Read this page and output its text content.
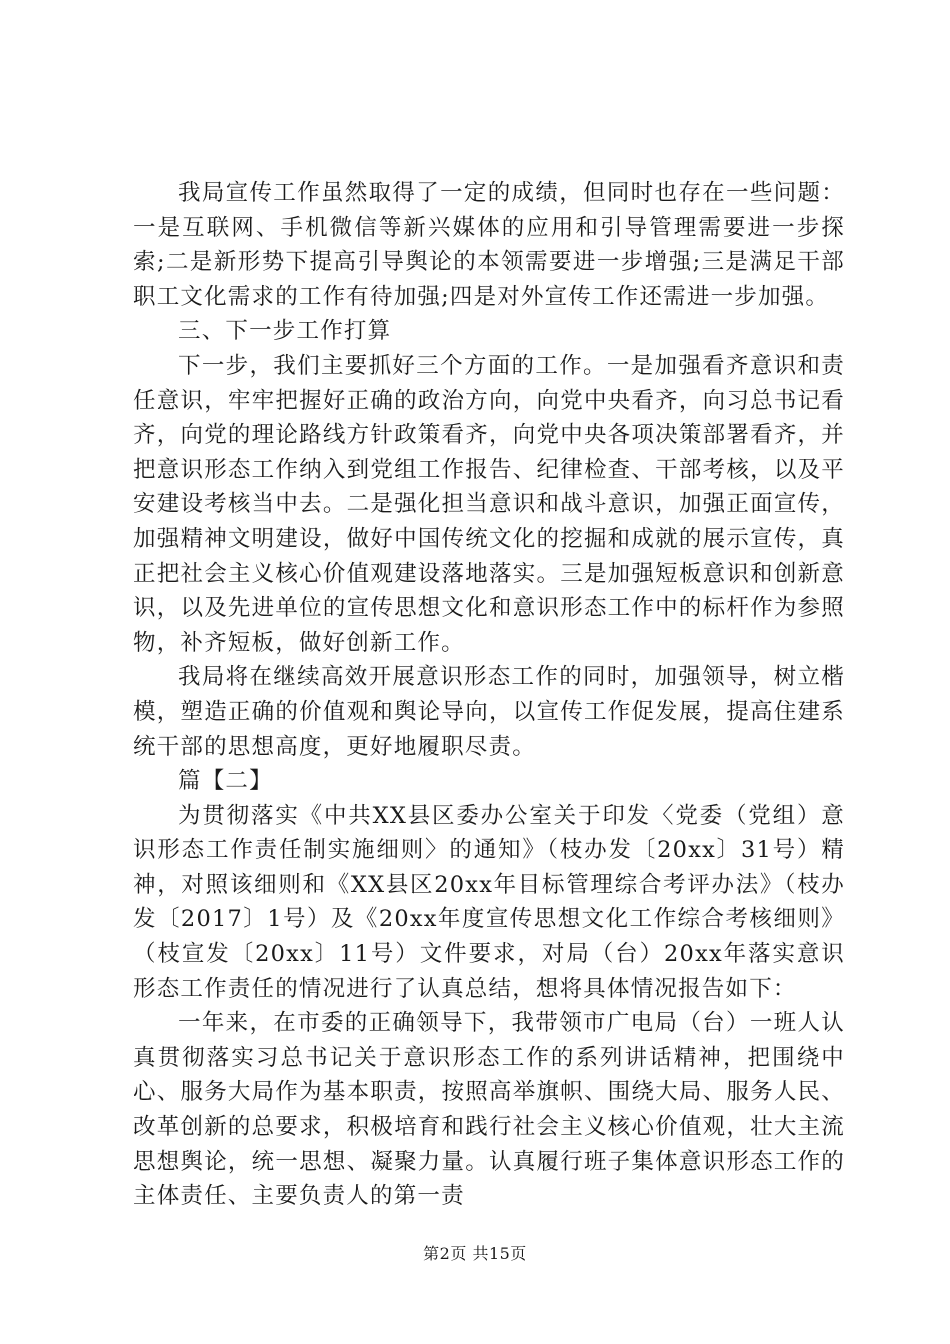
我局宣传工作虽然取得了一定的成绩，但同时也存在一些问题：一是互联网、手机微信等新兴媒体的应用和引导管理需要进一步探索;二是新形势下提高引导舆论的本领需要进一步增强;三是满足干部职工文化需求的工作有待加强;四是对外宣传工作还需进一步加强。

三、下一步工作打算

下一步，我们主要抓好三个方面的工作。一是加强看齐意识和责任意识，牢牢把握好正确的政治方向，向党中央看齐，向习总书记看齐，向党的理论路线方针政策看齐，向党中央各项决策部署看齐，并把意识形态工作纳入到党组工作报告、纪律检查、干部考核，以及平安建设考核当中去。二是强化担当意识和战斗意识，加强正面宣传，加强精神文明建设，做好中国传统文化的挖掘和成就的展示宣传，真正把社会主义核心价值观建设落地落实。三是加强短板意识和创新意识，以及先进单位的宣传思想文化和意识形态工作中的标杆作为参照物，补齐短板，做好创新工作。

我局将在继续高效开展意识形态工作的同时，加强领导，树立楷模，塑造正确的价值观和舆论导向，以宣传工作促发展，提高住建系统干部的思想高度，更好地履职尽责。

篇【二】

为贯彻落实《中共XX县区委办公室关于印发〈党委（党组）意识形态工作责任制实施细则〉的通知》（枝办发〔20xx〕31号）精神，对照该细则和《XX县区20xx年目标管理综合考评办法》（枝办发〔2017〕1号）及《20xx年度宣传思想文化工作综合考核细则》（枝宣发〔20xx〕11号）文件要求，对局（台）20xx年落实意识形态工作责任的情况进行了认真总结，想将具体情况报告如下：

一年来，在市委的正确领导下，我带领市广电局（台）一班人认真贯彻落实习总书记关于意识形态工作的系列讲话精神，把围绕中心、服务大局作为基本职责，按照高举旗帜、围绕大局、服务人民、改革创新的总要求，积极培育和践行社会主义核心价值观，壮大主流思想舆论，统一思想、凝聚力量。认真履行班子集体意识形态工作的主体责任、主要负责人的第一责

第2页 共15页
